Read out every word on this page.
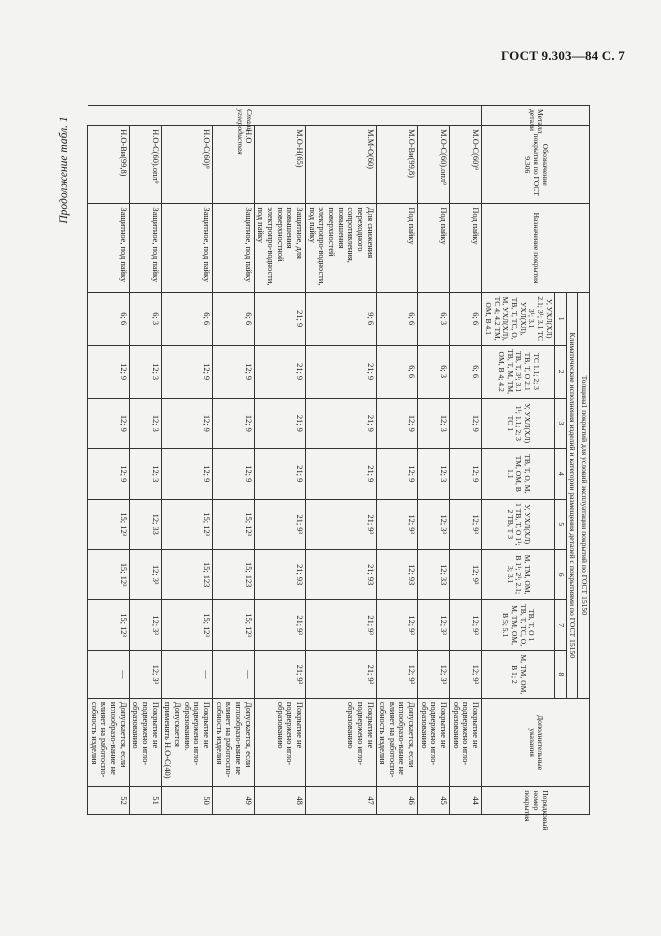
ГОСТ 9.303—84 С. 7
Продолжение табл. 1	Металл детали	Обозначение покрытия по ГОСТ 9.306	Назначение покрытия	Толщина1 покрытий для условий эксплуатации покрытий по ГОСТ 15150								Дополнительные указания	Порядковый номер покрытия
			Климатические исполнения изделий и категории размещения деталей с покрытиями по ГОСТ 15150									
			1	2	3	4	5	6	7	8		
			У, УХЛ(ХЛ) 2.1; 3¹; 3.1 ТС 3¹; 3.1 УХЛ(ХЛ), ТВ, Т, ТС, О, М, УХЛ(ХЛ), ТС 4; 4.2 ТМ, ОМ, В 4.1	ТС 1.1; 2; 3 ТВ, Т, О 2.1 ТВ, Т, 3¹; 3.1 ТВ, Т, М, ТМ, ОМ, В 4; 4.2	У, УХЛ(ХЛ) 1¹; 1.1; 2; 3 ТС 1	ТВ, Т, О, М, ТМ, ОМ, В 1.1	У, УХЛ(ХЛ) 1 ТВ, Т, О 1¹; 2 ТВ, Т 3	М, ТМ, ОМ, В 1¹; 2¹; 2.1; 3; 3.1	ТВ, Т, О 1 ТВ, Т, ТС, О, М, ТМ, ОМ, В 5; 5.1	М, ТМ, ОМ, В 1; 2		
	М.О-С(60)⁹	Под пайку	6; 6	6; 6	12; 9	12; 9	12; 9³	12; 9³	12; 9³	12; 9³	Покрытие не подвержено игло-образованию	44
	М.О-С(60).опл⁹	Под пайку	6; 3	6; 3	12; 3	12; 3	12; 3³	12; 33	12; 3³	12; 3³	Покрытие не подвержено игло-образованию	45
	М.О-Ви(99,8)	Под пайку	6; 6	6; 6	12; 9	12; 9	12; 9³	12; 93	12; 9³	12; 9³	Допускается, если иглообразо-вание не влияет на работоспо-собность изделия	46
	М.М-О(60)	Для снижения переходного сопротивления, повышения поверхностей электропро-водности, под пайку	9; 6	21; 9	21; 9	21; 9	21; 9³	21; 93	21; 9³	21; 9³	Покрытие не подвержено игло-образованию	47
	М.О-Н(65)	Защитное, для повышения поверхностной электропро-водности, под пайку	21; 9	21; 9	21; 9	21; 9	21; 9³	21; 93	21; 9³	21; 9³	Покрытие не подвержено игло-образованию	48
Сталь углеродистая	Н.О	Защитное, под пайку	6; 6	12; 9	12; 9	12; 9	15; 12³	15; 123	15; 12³	—	Допускается, если иглообразо-вание не влияет на работоспо-собность изделия	49
	Н.О-С(60)⁹	Защитное, под пайку	6; 6	12; 9	12; 9	12; 9	15; 12³	15; 123	15; 12³	—	Покрытие не подвержено игло-образованию. Допускается применять Н.О-С(40)	50
	Н.О-С(60).опл⁹	Защитное, под пайку	6; 3	12; 3	12; 3	12; 3	12; 33	12; 3³	12; 3³	12; 3³	Покрытие не подвержено игло-образованию	51
	Н.О-Ви(99,8)	Защитное, под пайку	6; 6	12; 9	12; 9	12; 9	15; 12³	15; 12³	15; 12³	—	Допускается, если иглообразо-вание не влияет на работоспо-собность изделия	52
